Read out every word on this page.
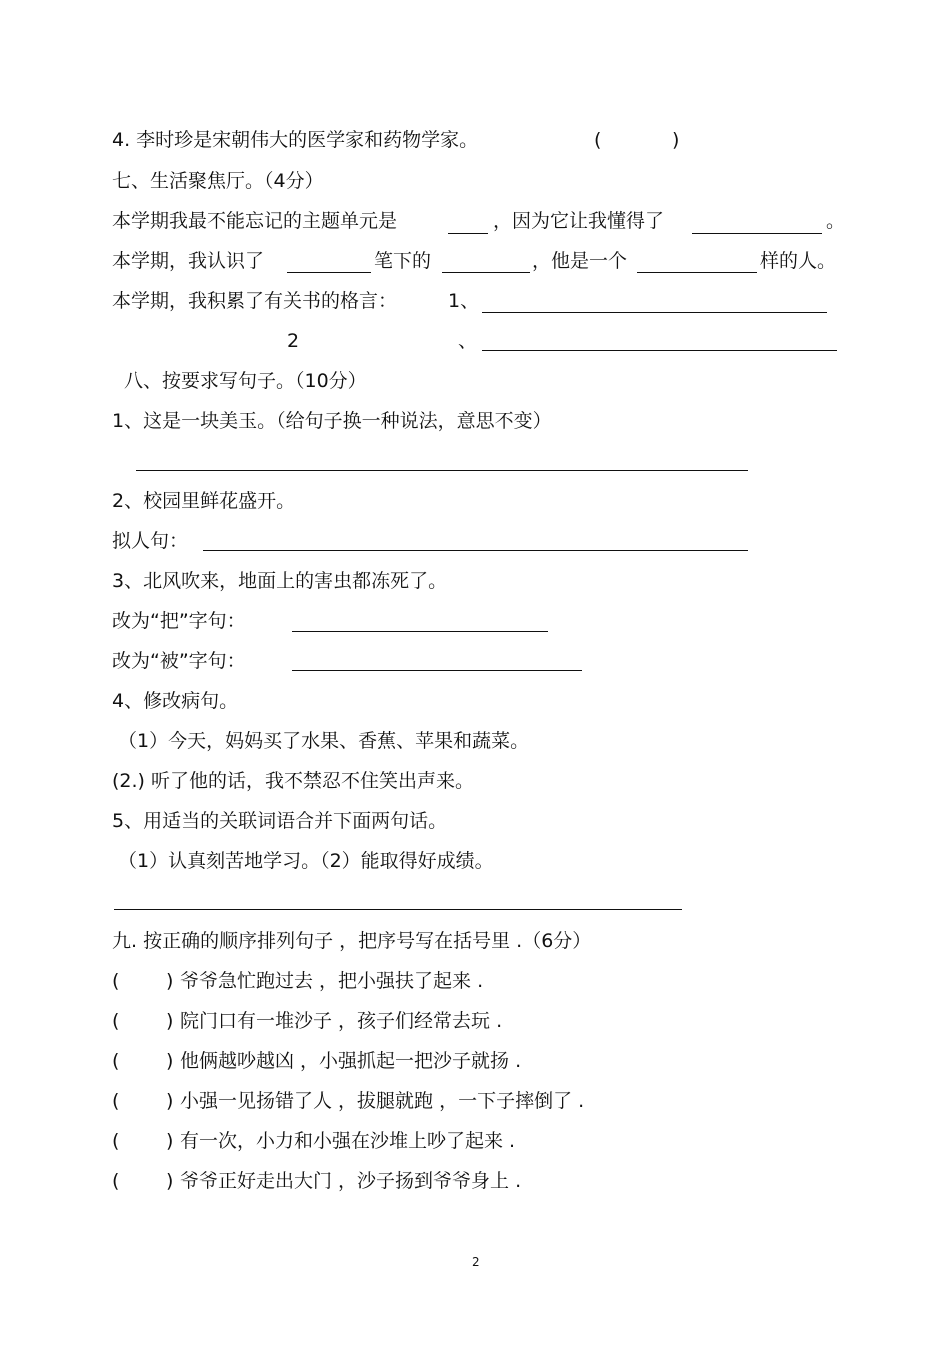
4. 李时珍是宋朝伟大的医学家和药物学家。	(	)
七、生活聚焦厅。（4分）
本学期我最不能忘记的主题单元是	，因为它让我懂得了	。
本学期，我认识了	笔下的	，他是一个	样的人。
本学期，我积累了有关书的格言：	1、
2	、
八、按要求写句子。（10分）
1、这是一块美玉。（给句子换一种说法，意思不变）
2、校园里鲜花盛开。
拟人句：
3、北风吹来，地面上的害虫都冻死了。
改为“把”字句：
改为“被”字句：
4、修改病句。
（1）今天，妈妈买了水果、香蕉、苹果和蔬菜。
(2.) 听了他的话，我不禁忍不住笑出声来。
5、用适当的关联词语合并下面两句话。
（1）认真刻苦地学习。（2）能取得好成绩。
九. 按正确的顺序排列句子 ，把序号写在括号里 .（6分）
( ) 爷爷急忙跑过去 ，把小强扶了起来 .
( ) 院门口有一堆沙子 ，孩子们经常去玩 .
( ) 他俩越吵越凶 ，小强抓起一把沙子就扬 .
( ) 小强一见扬错了人 ，拔腿就跑 ，一下子摔倒了 .
( ) 有一次，小力和小强在沙堆上吵了起来 .
( ) 爷爷正好走出大门 ，沙子扬到爷爷身上 .
2
